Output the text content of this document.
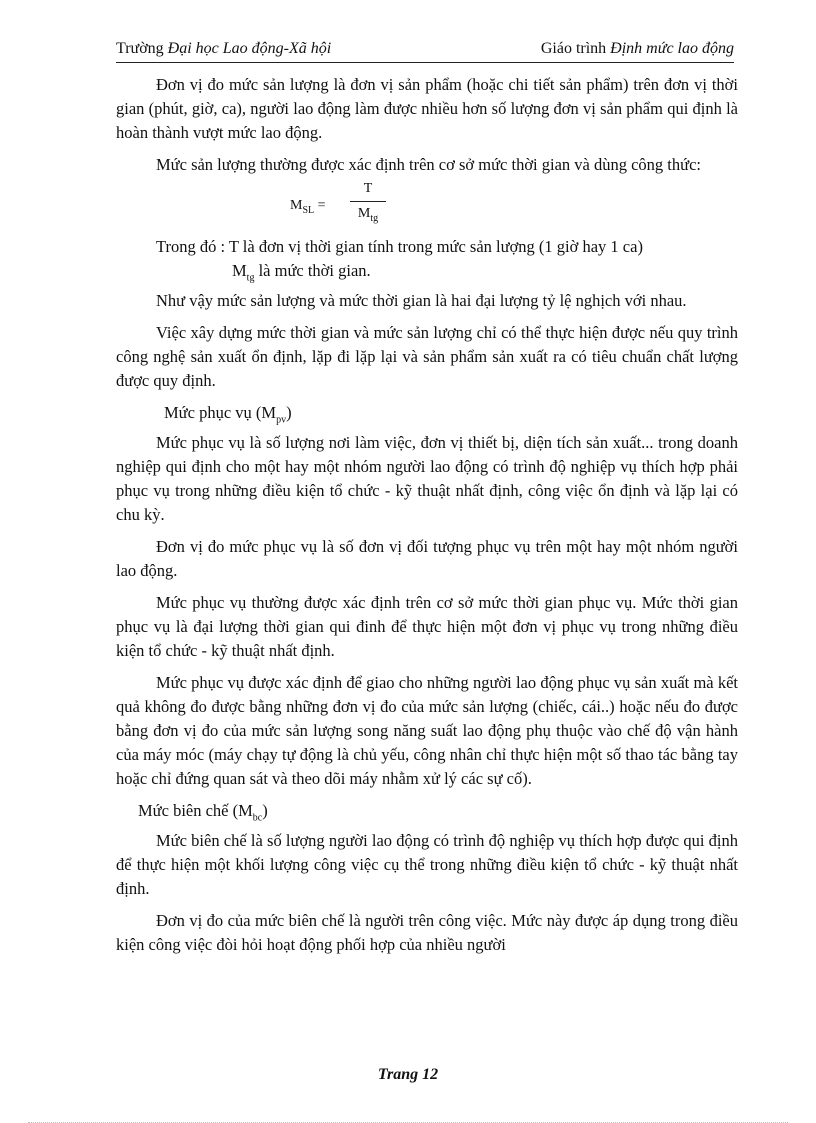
Trường Đại học Lao động-Xã hội	Giáo trình Định mức lao động

Đơn vị đo mức sản lượng là đơn vị sản phẩm (hoặc chi tiết sản phẩm) trên đơn vị thời gian (phút, giờ, ca), người lao động làm được nhiều hơn số lượng đơn vị sản phẩm qui định là hoàn thành vượt mức lao động.

Mức sản lượng thường được xác định trên cơ sở mức thời gian và dùng công thức:

$M_{SL}$ =
T
$M_{tg}$
Trong đó : T là đơn vị thời gian tính trong mức sản lượng (1 giờ hay 1 ca)
$M_{tg}$ là mức thời gian.

Như vậy mức sản lượng và mức thời gian là hai đại lượng tỷ lệ nghịch với nhau.

Việc xây dựng mức thời gian và mức sản lượng chỉ có thể thực hiện được nếu quy trình công nghệ sản xuất ổn định, lặp đi lặp lại và sản phẩm sản xuất ra có tiêu chuẩn chất lượng được quy định.

Mức phục vụ $(M_{pv})$

Mức phục vụ là số lượng nơi làm việc, đơn vị thiết bị, diện tích sản xuất... trong doanh nghiệp qui định cho một hay một nhóm người lao động có trình độ nghiệp vụ thích hợp phải phục vụ trong những điều kiện tổ chức - kỹ thuật nhất định, công việc ổn định và lặp lại có chu kỳ.

Đơn vị đo mức phục vụ là số đơn vị đối tượng phục vụ trên một hay một nhóm người lao động.

Mức phục vụ thường được xác định trên cơ sở mức thời gian phục vụ. Mức thời gian phục vụ là đại lượng thời gian qui đinh để thực hiện một đơn vị phục vụ trong những điều kiện tổ chức - kỹ thuật nhất định.

Mức phục vụ được xác định để giao cho những người lao động phục vụ sản xuất mà kết quả không đo được bằng những đơn vị đo của mức sản lượng (chiếc, cái..) hoặc nếu đo được bằng đơn vị đo của mức sản lượng song năng suất lao động phụ thuộc vào chế độ vận hành của máy móc (máy chạy tự động là chủ yếu, công nhân chỉ thực hiện một số thao tác bằng tay hoặc chỉ đứng quan sát và theo dõi máy nhằm xử lý các sự cố).

Mức biên chế $(M_{bc})$

Mức biên chế là số lượng người lao động có trình độ nghiệp vụ thích hợp được qui định để thực hiện một khối lượng công việc cụ thể trong những điều kiện tổ chức - kỹ thuật nhất định.

Đơn vị đo của mức biên chế là người trên công việc. Mức này được áp dụng trong điều kiện công việc đòi hỏi hoạt động phối hợp của nhiều người

Trang 12
